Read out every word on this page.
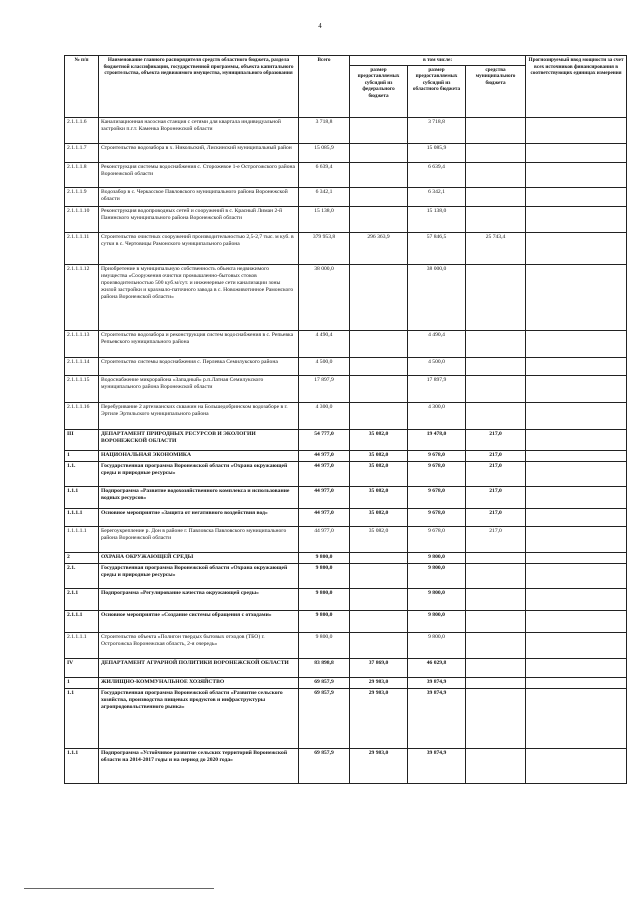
4
№ п/п	Наименование главного распорядителя средств областного бюджета, раздела бюджетной классификации, государственной программы, объекта капитального строительства, объекта недвижимого имущества, муниципального образования	Всего	в том числе:			Прогнозируемый ввод мощности за счет всех источников финансирования в соответствующих единицах измерения
			размер предоставляемых субсидий из федерального бюджета	размер предоставляемых субсидий из областного бюджета	средства муниципального бюджета	
2.1.1.1.6	Канализационная насосная станция с сетями для квартала индивидуальной застройки п.г.т. Каменка Воронежской области	3 718,8		3 718,8		
2.1.1.1.7	Строительство водозабора в х. Никольский, Лискинский муниципальный район	15 085,9		15 085,9		
2.1.1.1.8	Реконструкция системы водоснабжения с. Сторожевое 1-е Острогожского района Воронежской области	6 639,4		6 639,4		
2.1.1.1.9	Водозабор в с. Черкасское Павловского муниципального района Воронежской области	6 342,1		6 342,1		
2.1.1.1.10	Реконструкция водопроводных сетей и сооружений в с. Красный Лиман 2-й Панинского муниципального района Воронежской области	15 138,0		15 138,0		
2.1.1.1.11	Строительство очистных сооружений производительностью 2,5-2,7 тыс. м куб. в сутки в с. Чертовицы Рамонского муниципального района	379 953,8	296 363,9	57 846,5	25 743,4	
2.1.1.1.12	Приобретение в муниципальную собственность объекта недвижимого имущества «Сооружения очистки промышленно-бытовых стоков производительностью 500 куб.м/сут. и инженерные сети канализации зоны жилой застройки и крахмало-паточного завода в с. Новоживотинное Рамонского района Воронежской области»	38 000,0		38 000,0		
2.1.1.1.13	Строительство водозабора и реконструкция систем водоснабжения в с. Репьевка Репьевского муниципального района	4 490,4		4 490,4		
2.1.1.1.14	Строительство системы водоснабжения с. Перлевка Семилукского района	4 500,0		4 500,0		
2.1.1.1.15	Водоснабжение микрорайона «Западный» р.п.Латная Семилукского муниципального района Воронежской области	17 897,9		17 897,9		
2.1.1.1.16	Перебуривание 2 артезианских скважин на Большедобринском водозаборе в г. Эртиле Эртильского муниципального района	4 300,0		4 300,0		
III	ДЕПАРТАМЕНТ ПРИРОДНЫХ РЕСУРСОВ И ЭКОЛОГИИ ВОРОНЕЖСКОЙ ОБЛАСТИ	54 777,0	35 082,0	19 478,0	217,0	
1	НАЦИОНАЛЬНАЯ ЭКОНОМИКА	44 977,0	35 082,0	9 678,0	217,0	
1.1.	Государственная программа Воронежской области «Охрана окружающей среды и природные ресурсы»	44 977,0	35 082,0	9 678,0	217,0	
1.1.1	Подпрограмма «Развитие водохозяйственного комплекса и использование водных ресурсов»	44 977,0	35 082,0	9 678,0	217,0	
1.1.1.1	Основное мероприятие «Защита от негативного воздействия вод»	44 977,0	35 082,0	9 678,0	217,0	
1.1.1.1.1	Берегоукрепление р. Дон в районе г. Павловска Павловского муниципального района Воронежской области	44 977,0	35 082,0	9 678,0	217,0	
2	ОХРАНА ОКРУЖАЮЩЕЙ СРЕДЫ	9 800,0		9 800,0		
2.1.	Государственная программа Воронежской области «Охрана окружающей среды и природные ресурсы»	9 800,0		9 800,0		
2.1.1	Подпрограмма «Регулирование качества окружающей среды»	9 800,0		9 800,0		
2.1.1.1	Основное мероприятие «Создание системы обращения с отходами»	9 800,0		9 800,0		
2.1.1.1.1	Строительство объекта «Полигон твердых бытовых отходов (ТБО) г. Острогожска Воронежская область, 2-я очередь»	9 800,0		9 800,0		
IV	ДЕПАРТАМЕНТ АГРАРНОЙ ПОЛИТИКИ ВОРОНЕЖСКОЙ ОБЛАСТИ	83 898,8	37 869,0	46 029,8		
1	ЖИЛИЩНО-КОММУНАЛЬНОЕ ХОЗЯЙСТВО	69 857,9	29 983,0	39 874,9		
1.1	Государственная программа Воронежской области «Развитие сельского хозяйства, производства пищевых продуктов и инфраструктуры агропродовольственного рынка»	69 857,9	29 983,0	39 874,9		
1.1.1	Подпрограмма «Устойчивое развитие сельских территорий Воронежской области на 2014-2017 годы и на период до 2020 года»	69 857,9	29 983,0	39 874,9		
